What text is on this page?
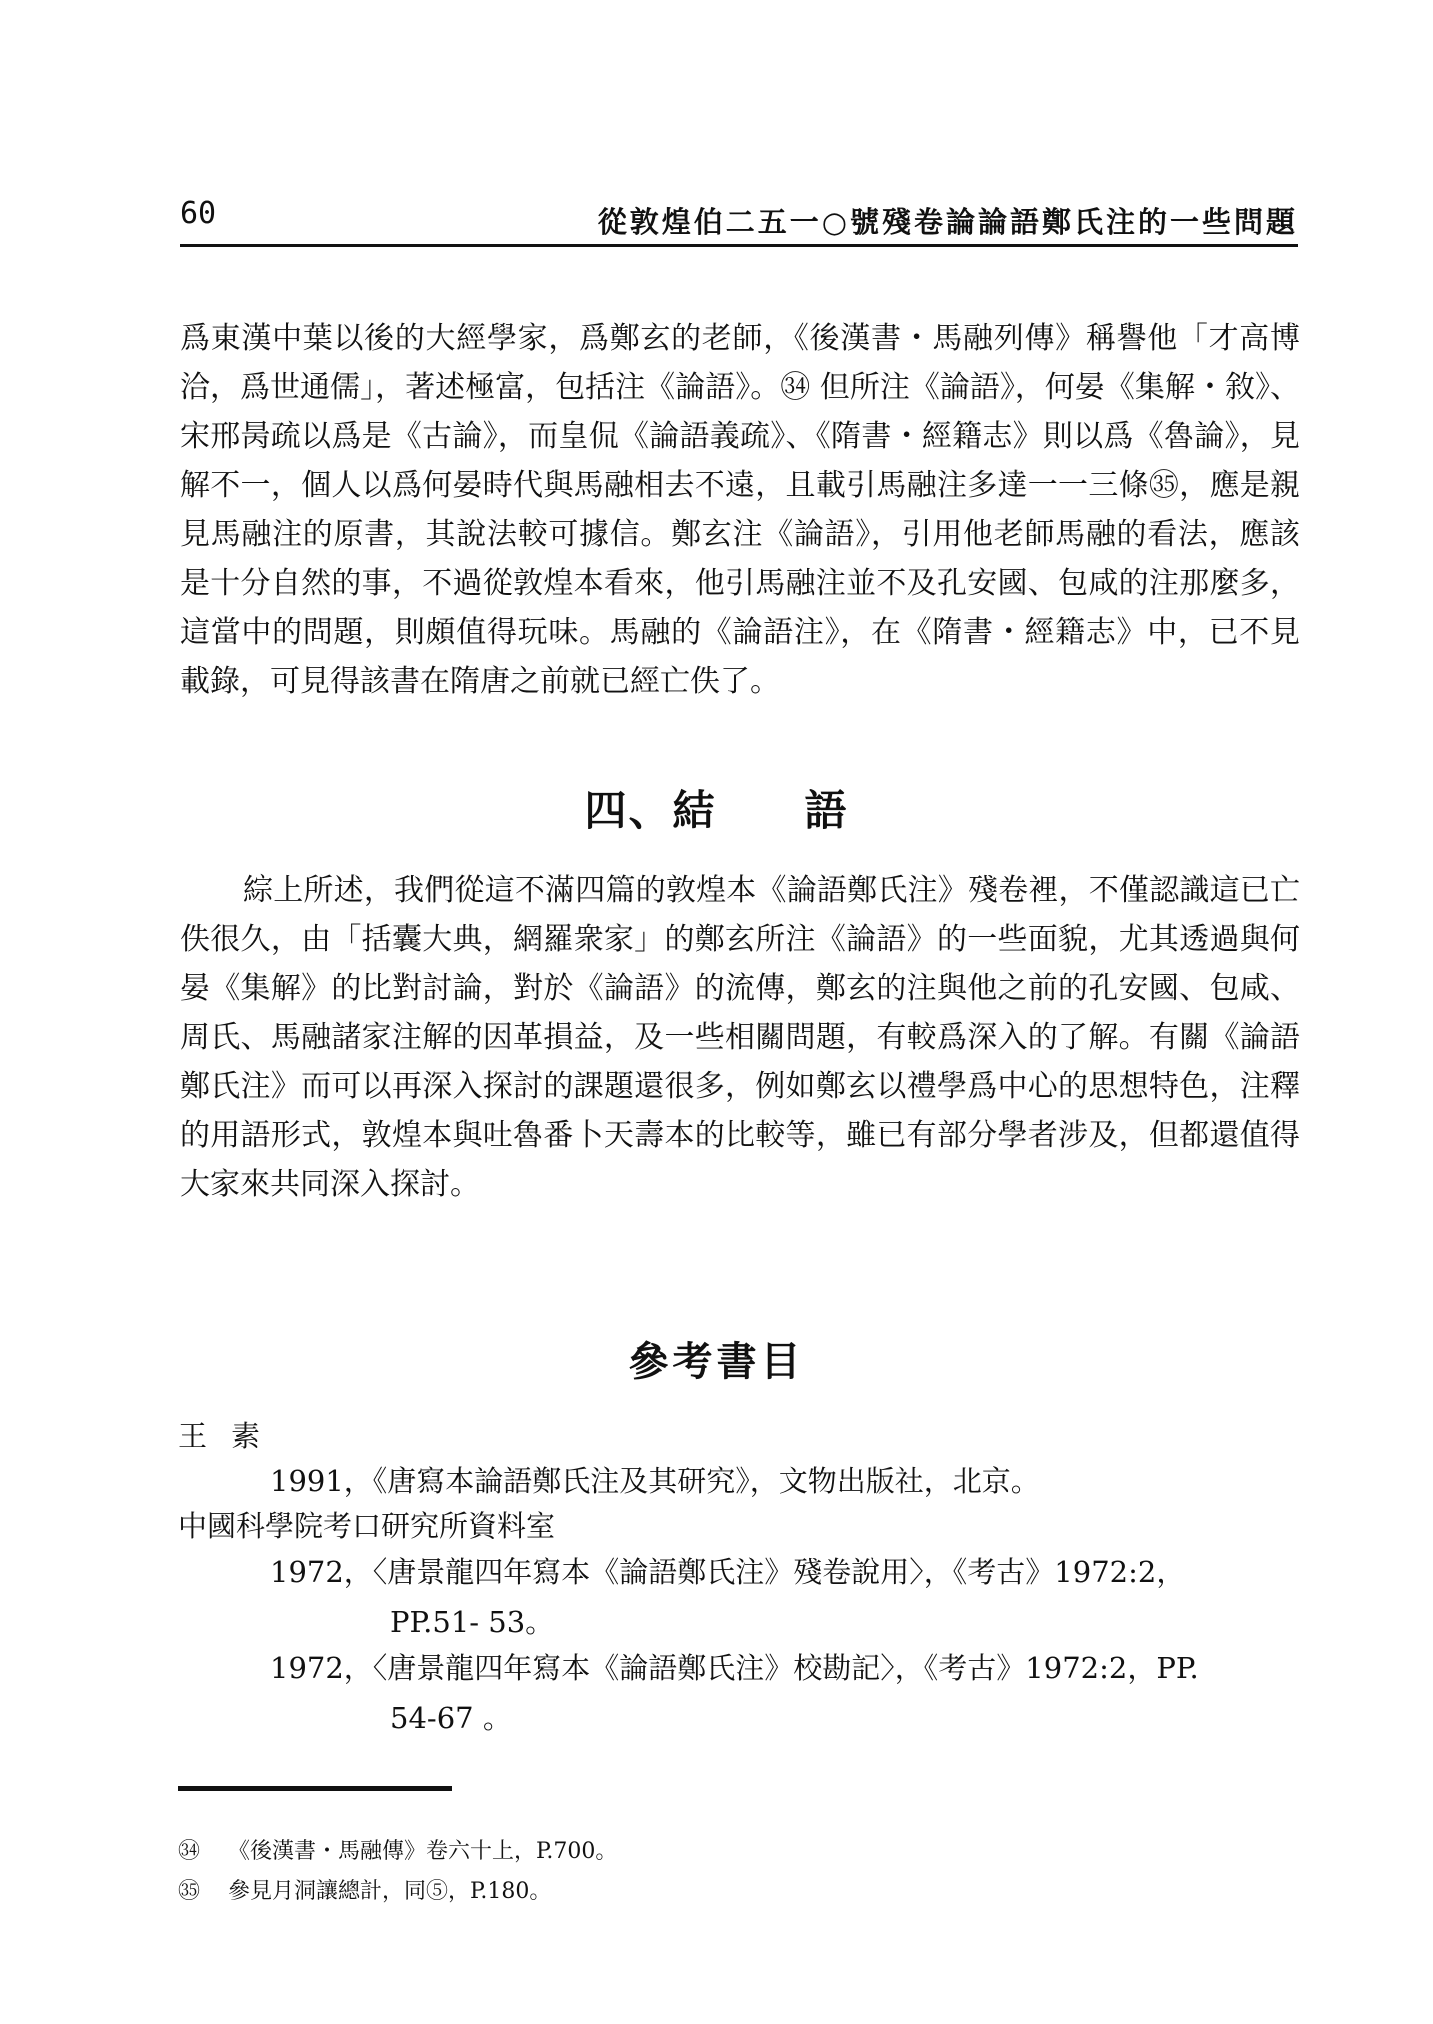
60	從敦煌伯二五一○號殘卷論論語鄭氏注的一些問題
爲東漢中葉以後的大經學家，爲鄭玄的老師，《後漢書・馬融列傳》稱譽他「才高博洽，爲世通儒」，著述極富，包括注《論語》。㉞ 但所注《論語》，何晏《集解・敘》、宋邢昺疏以爲是《古論》，而皇侃《論語義疏》、《隋書・經籍志》則以爲《魯論》，見解不一，個人以爲何晏時代與馬融相去不遠，且載引馬融注多達一一三條㉟，應是親見馬融注的原書，其說法較可據信。鄭玄注《論語》，引用他老師馬融的看法，應該是十分自然的事，不過從敦煌本看來，他引馬融注並不及孔安國、包咸的注那麼多，這當中的問題，則頗值得玩味。馬融的《論語注》，在《隋書・經籍志》中，已不見載錄，可見得該書在隋唐之前就已經亡佚了。
四、結　　語
綜上所述，我們從這不滿四篇的敦煌本《論語鄭氏注》殘卷裡，不僅認識這已亡佚很久，由「括囊大典，網羅衆家」的鄭玄所注《論語》的一些面貌，尤其透過與何晏《集解》的比對討論，對於《論語》的流傳，鄭玄的注與他之前的孔安國、包咸、周氏、馬融諸家注解的因革損益，及一些相關問題，有較爲深入的了解。有關《論語鄭氏注》而可以再深入探討的課題還很多，例如鄭玄以禮學爲中心的思想特色，注釋的用語形式，敦煌本與吐魯番卜天壽本的比較等，雖已有部分學者涉及，但都還值得大家來共同深入探討。
參考書目
王素
1991，《唐寫本論語鄭氏注及其研究》，文物出版社，北京。
中國科學院考口研究所資料室
1972，〈唐景龍四年寫本《論語鄭氏注》殘卷說用〉，《考古》1972:2，
PP.51- 53。
1972，〈唐景龍四年寫本《論語鄭氏注》校勘記〉，《考古》1972:2，PP.
54-67 。
㉞ 《後漢書・馬融傳》卷六十上，P.700。
㉟ 參見月洞讓總計，同⑤，P.180。
